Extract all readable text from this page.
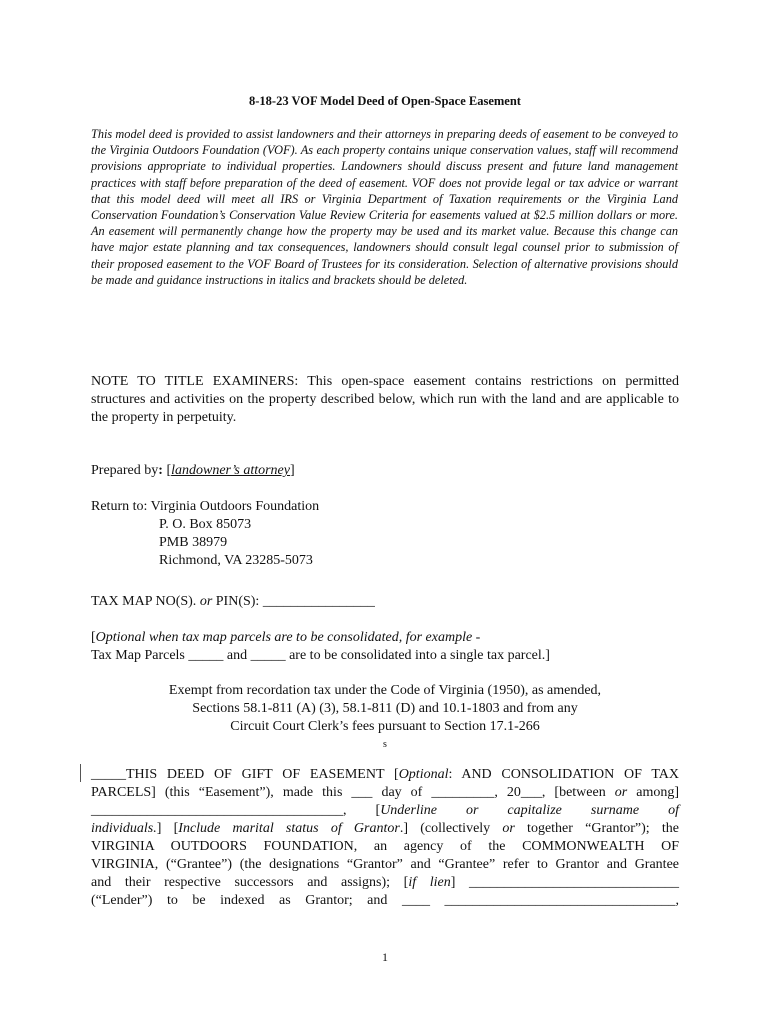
8-18-23 VOF Model Deed of Open-Space Easement
This model deed is provided to assist landowners and their attorneys in preparing deeds of easement to be conveyed to the Virginia Outdoors Foundation (VOF). As each property contains unique conservation values, staff will recommend provisions appropriate to individual properties. Landowners should discuss present and future land management practices with staff before preparation of the deed of easement. VOF does not provide legal or tax advice or warrant that this model deed will meet all IRS or Virginia Department of Taxation requirements or the Virginia Land Conservation Foundation’s Conservation Value Review Criteria for easements valued at $2.5 million dollars or more. An easement will permanently change how the property may be used and its market value. Because this change can have major estate planning and tax consequences, landowners should consult legal counsel prior to submission of their proposed easement to the VOF Board of Trustees for its consideration. Selection of alternative provisions should be made and guidance instructions in italics and brackets should be deleted.
NOTE TO TITLE EXAMINERS: This open-space easement contains restrictions on permitted structures and activities on the property described below, which run with the land and are applicable to the property in perpetuity.
Prepared by: [landowner’s attorney]
Return to: Virginia Outdoors Foundation
P. O. Box 85073
PMB 38979
Richmond, VA 23285-5073
TAX MAP NO(S). or PIN(S): ________________
[Optional when tax map parcels are to be consolidated, for example -
Tax Map Parcels _____ and _____ are to be consolidated into a single tax parcel.]
Exempt from recordation tax under the Code of Virginia (1950), as amended,
Sections 58.1-811 (A) (3), 58.1-811 (D) and 10.1-1803 and from any
Circuit Court Clerk’s fees pursuant to Section 17.1-266
s
_____THIS DEED OF GIFT OF EASEMENT [Optional: AND CONSOLIDATION OF TAX
PARCELS] (this “Easement”), made this ___ day of _________, 20___, [between or among]
____________________________________, [Underline or capitalize surname of
individuals.] [Include marital status of Grantor.] (collectively or together “Grantor”); the
VIRGINIA OUTDOORS FOUNDATION, an agency of the COMMONWEALTH OF
VIRGINIA, (“Grantee”) (the designations “Grantor” and “Grantee” refer to Grantor and Grantee
and their respective successors and assigns); [if lien] ______________________________
(“Lender”) to be indexed as Grantor; and ____ _________________________________,
1
